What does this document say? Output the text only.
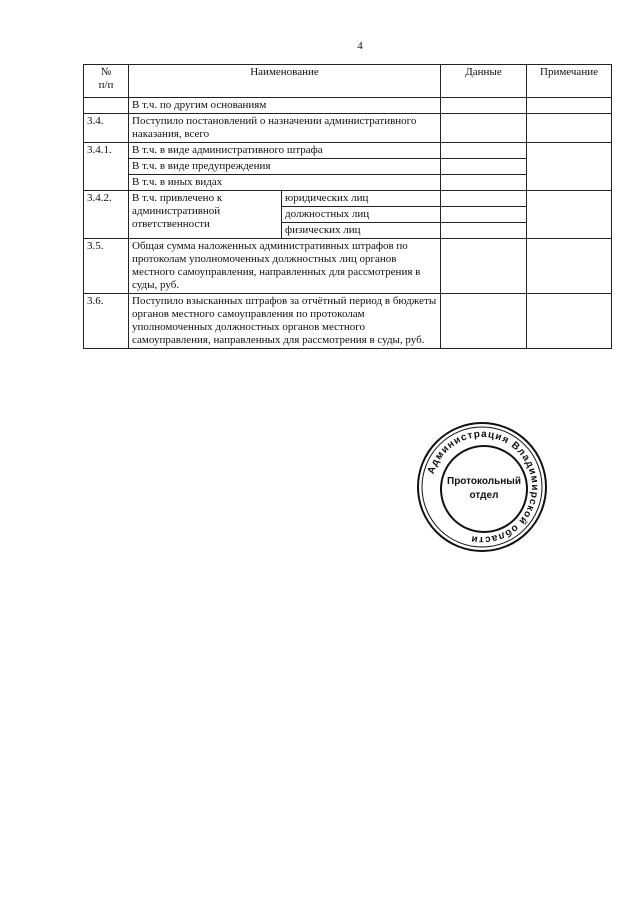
4
№
п/п	Наименование		Данные	Примечание
	В т.ч. по другим основаниям			
3.4.	Поступило постановлений о назначении административного наказания, всего			
3.4.1.	В т.ч. в виде административного штрафа			
	В т.ч. в виде предупреждения			
	В т.ч. в иных видах			
3.4.2.	В т.ч. привлечено к административной ответственности	юридических лиц		
		должностных лиц		
		физических лиц		
3.5.	Общая сумма наложенных административных штрафов по протоколам уполномоченных должностных лиц органов местного самоуправления, направленных для рассмотрения в суды, руб.			
3.6.	Поступило взысканных штрафов за отчётный период в бюджеты органов местного самоуправления по протоколам уполномоченных должностных органов местного самоуправления, направленных для рассмотрения в суды, руб.			
Администрация Владимирской области
Протокольный
отдел
